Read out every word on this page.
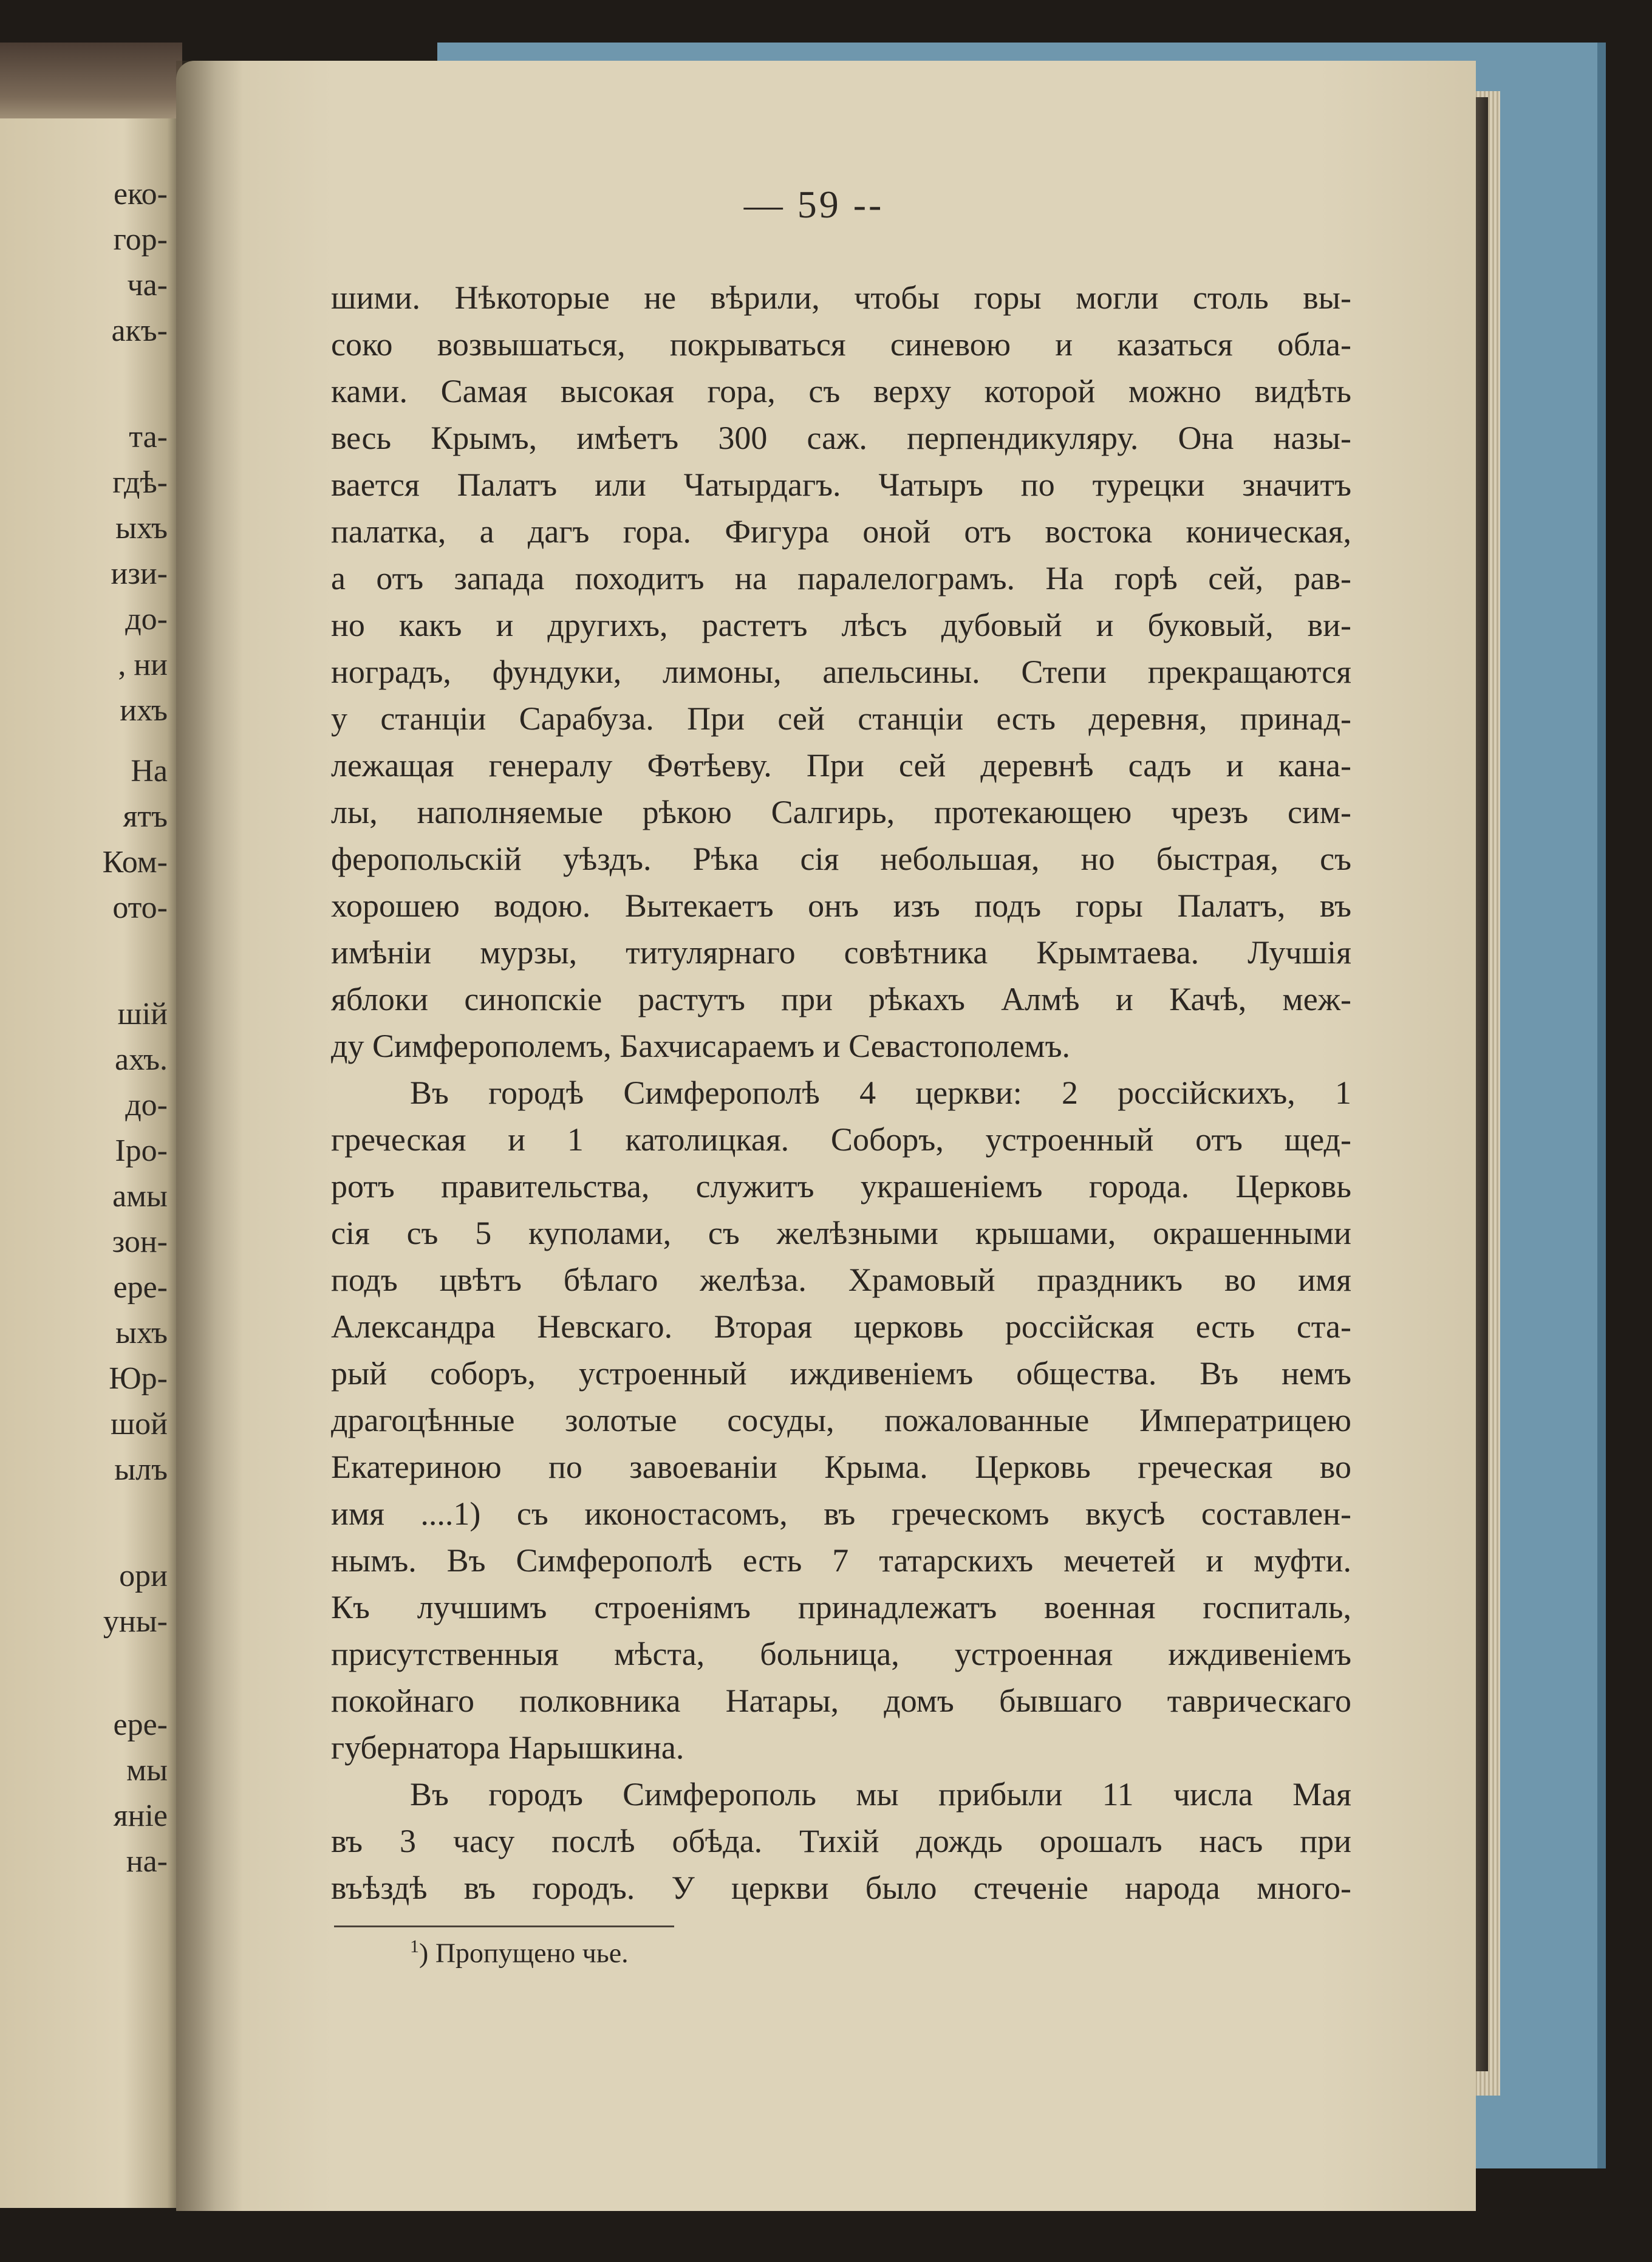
еко-
гор-
ча-
акъ-
та-
гдѣ-
ыхъ
изи-
до-
, ни
ихъ
На
ятъ
Ком-
ото-
шій
ахъ.
до-
Iро-
амы
зон-
ере-
ыхъ
Юр-
шой
ылъ
ори
уны-
ере-
мы
яніе
на-
— 59 --
шими. Нѣкоторые не вѣрили, чтобы горы могли столь вы-
соко возвышаться, покрываться синевою и казаться обла-
ками. Самая высокая гора, съ верху которой можно видѣть
весь Крымъ, имѣетъ 300 саж. перпендикуляру. Она назы-
вается Палатъ или Чатырдагъ. Чатыръ по турецки значитъ
палатка, а дагъ гора. Фигура оной отъ востока коническая,
а отъ запада походитъ на паралелограмъ. На горѣ сей, рав-
но какъ и другихъ, растетъ лѣсъ дубовый и буковый, ви-
ноградъ, фундуки, лимоны, апельсины. Степи прекращаются
у станціи Сарабуза. При сей станціи есть деревня, принад-
лежащая генералу Фѳтѣеву. При сей деревнѣ садъ и кана-
лы, наполняемые рѣкою Салгирь, протекающею чрезъ сим-
феропольскій уѣздъ. Рѣка сія небольшая, но быстрая, съ
хорошею водою. Вытекаетъ онъ изъ подъ горы Палатъ, въ
имѣніи мурзы, титулярнаго совѣтника Крымтаева. Лучшія
яблоки синопскіе растутъ при рѣкахъ Алмѣ и Качѣ, меж-
ду Симферополемъ, Бахчисараемъ и Севастополемъ.
Въ городѣ Симферополѣ 4 церкви: 2 россійскихъ, 1
греческая и 1 католицкая. Соборъ, устроенный отъ щед-
ротъ правительства, служитъ украшеніемъ города. Церковь
сія съ 5 куполами, съ желѣзными крышами, окрашенными
подъ цвѣтъ бѣлаго желѣза. Храмовый праздникъ во имя
Александра Невскаго. Вторая церковь россійская есть ста-
рый соборъ, устроенный иждивеніемъ общества. Въ немъ
драгоцѣнные золотые сосуды, пожалованные Императрицею
Екатериною по завоеваніи Крыма. Церковь греческая во
имя ....1) съ иконостасомъ, въ греческомъ вкусѣ составлен-
нымъ. Въ Симферополѣ есть 7 татарскихъ мечетей и муфти.
Къ лучшимъ строеніямъ принадлежатъ военная госпиталь,
присутственныя мѣста, больница, устроенная иждивеніемъ
покойнаго полковника Натары, домъ бывшаго таврическаго
губернатора Нарышкина.
Въ городъ Симферополь мы прибыли 11 числа Мая
въ 3 часу послѣ обѣда. Тихій дождь орошалъ насъ при
въѣздѣ въ городъ. У церкви было стеченіе народа много-
$^1$) Пропущено чье.
